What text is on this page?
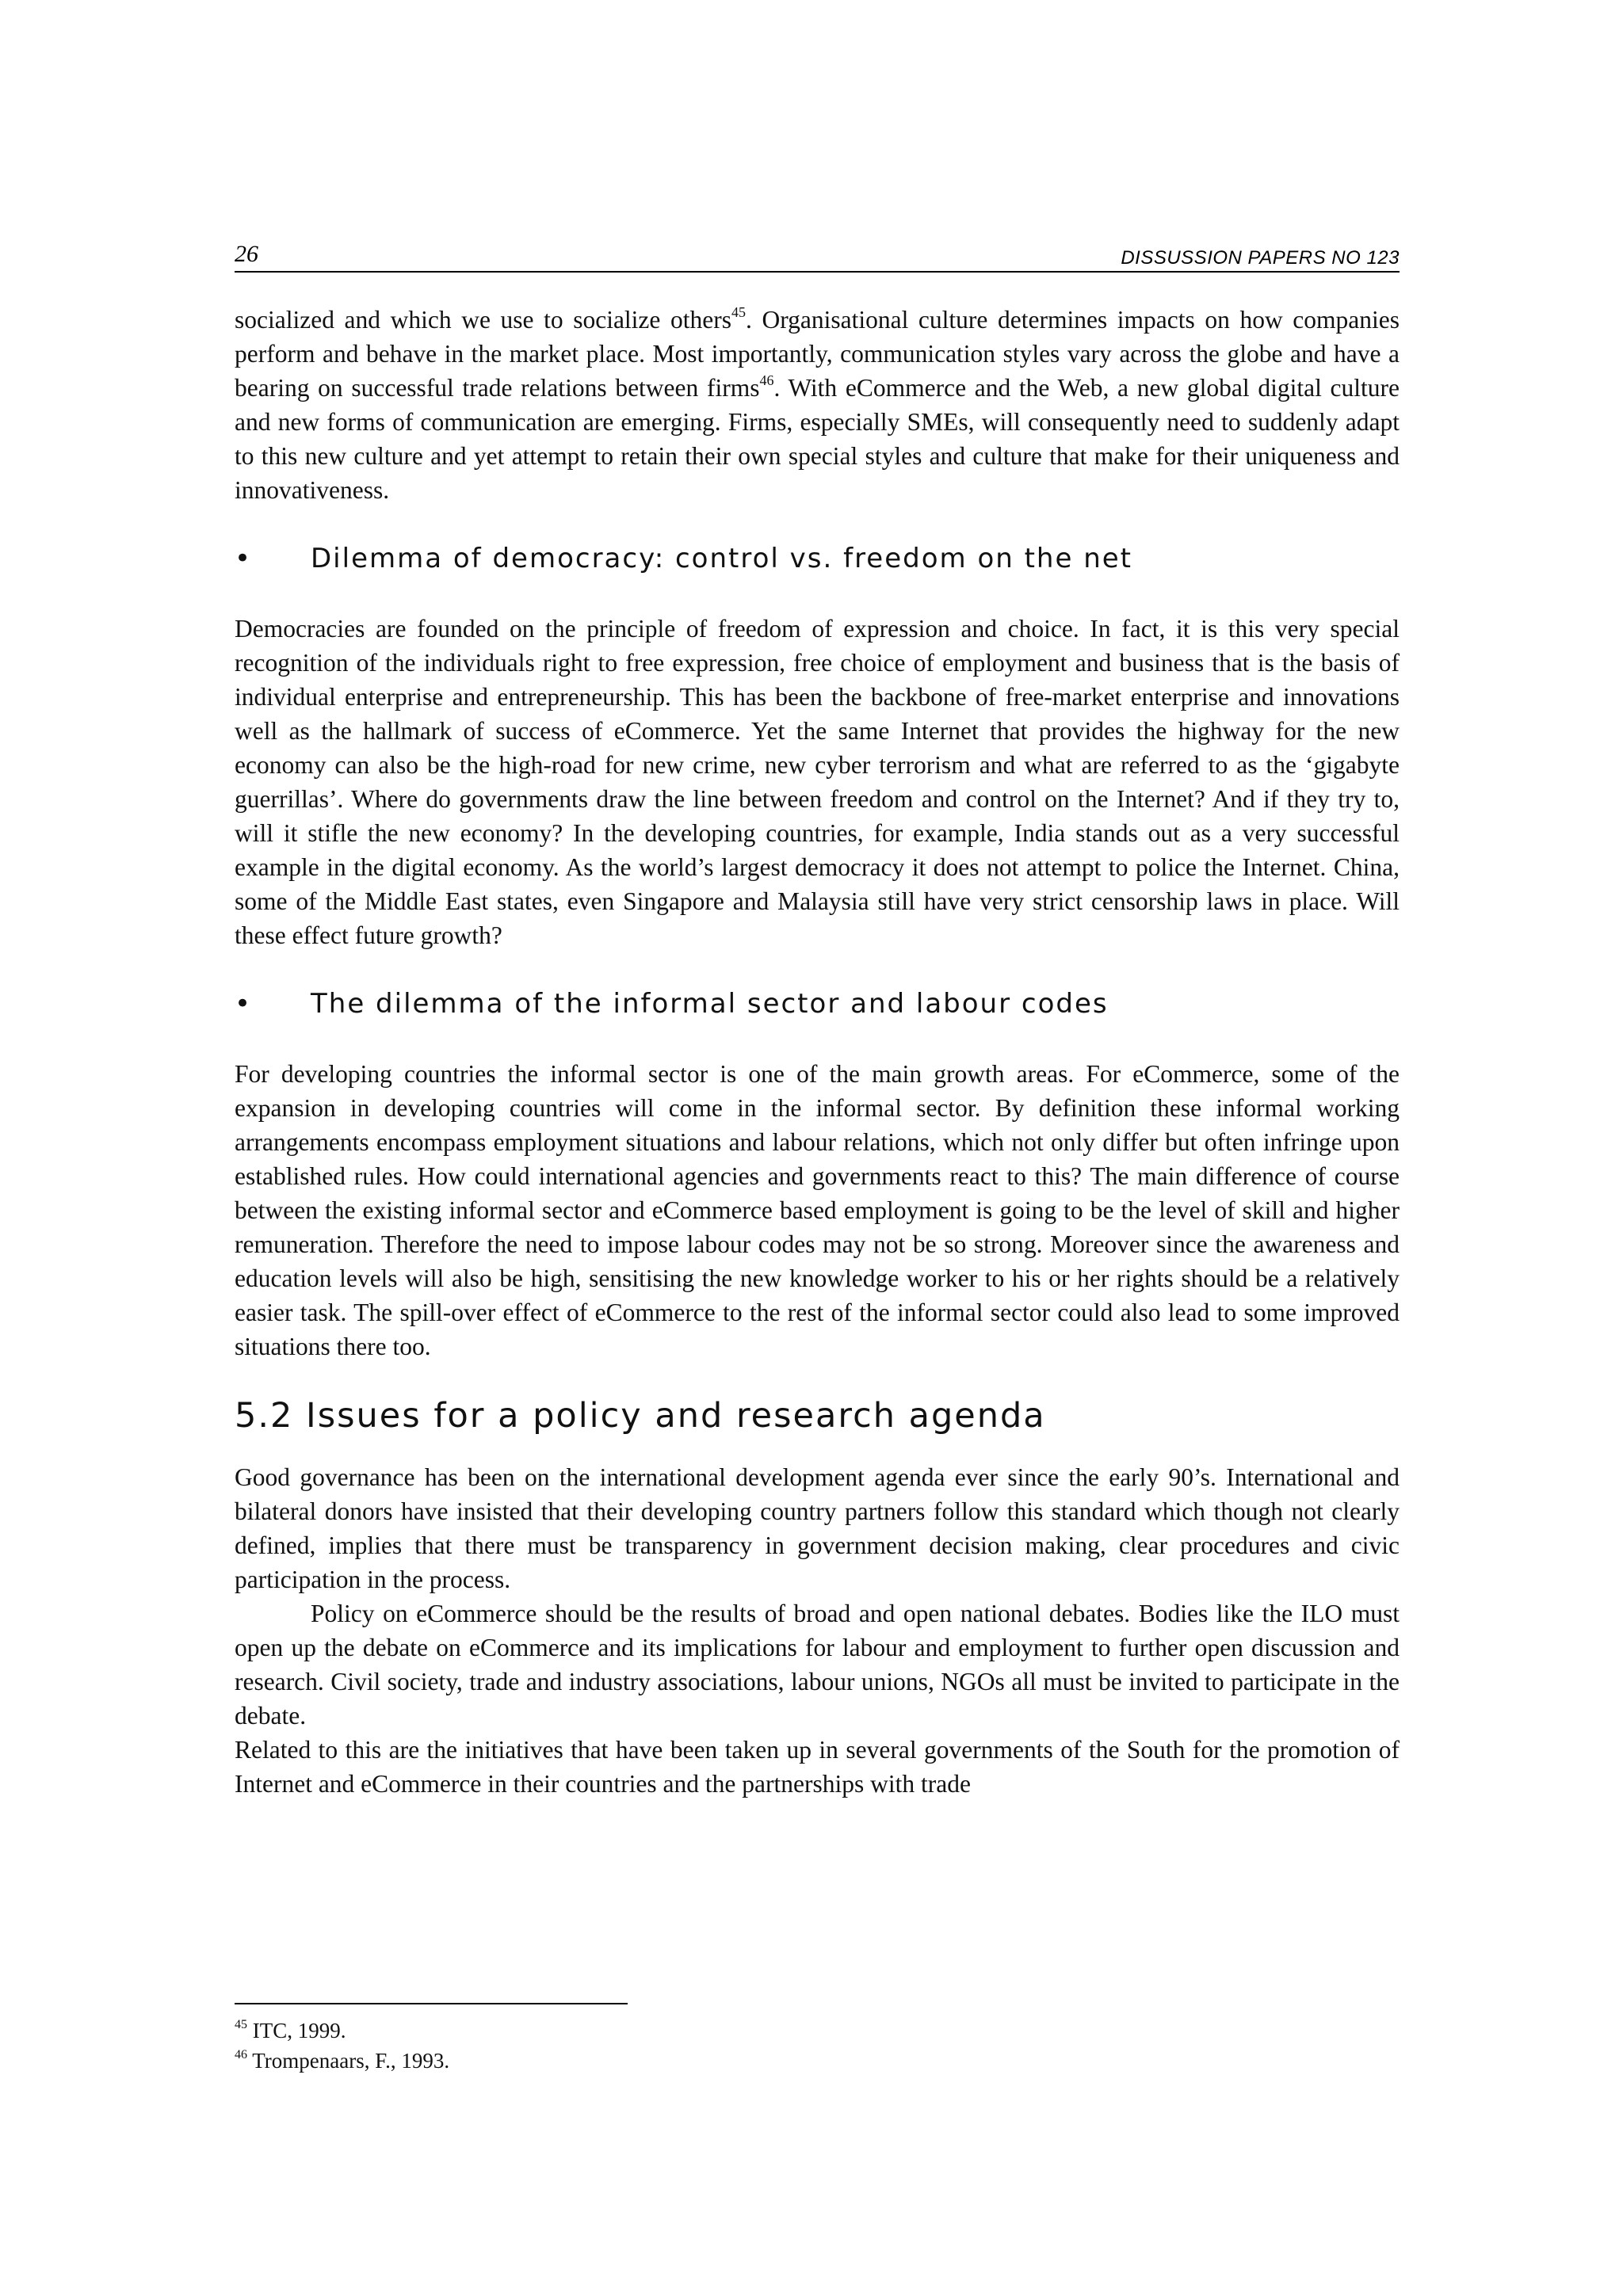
26	DISSUSSION PAPERS NO 123

socialized and which we use to socialize others$^{45}$. Organisational culture determines impacts on how companies perform and behave in the market place. Most importantly, communication styles vary across the globe and have a bearing on successful trade relations between firms$^{46}$. With eCommerce and the Web, a new global digital culture and new forms of communication are emerging. Firms, especially SMEs, will consequently need to suddenly adapt to this new culture and yet attempt to retain their own special styles and culture that make for their uniqueness and innovativeness.

• Dilemma of democracy: control vs. freedom on the net

Democracies are founded on the principle of freedom of expression and choice. In fact, it is this very special recognition of the individuals right to free expression, free choice of employment and business that is the basis of individual enterprise and entrepreneurship. This has been the backbone of free-market enterprise and innovations well as the hallmark of success of eCommerce. Yet the same Internet that provides the highway for the new economy can also be the high-road for new crime, new cyber terrorism and what are referred to as the ‘gigabyte guerrillas’. Where do governments draw the line between freedom and control on the Internet? And if they try to, will it stifle the new economy? In the developing countries, for example, India stands out as a very successful example in the digital economy. As the world’s largest democracy it does not attempt to police the Internet. China, some of the Middle East states, even Singapore and Malaysia still have very strict censorship laws in place. Will these effect future growth?

• The dilemma of the informal sector and labour codes

For developing countries the informal sector is one of the main growth areas. For eCommerce, some of the expansion in developing countries will come in the informal sector. By definition these informal working arrangements encompass employment situations and labour relations, which not only differ but often infringe upon established rules. How could international agencies and governments react to this? The main difference of course between the existing informal sector and eCommerce based employment is going to be the level of skill and higher remuneration. Therefore the need to impose labour codes may not be so strong. Moreover since the awareness and education levels will also be high, sensitising the new knowledge worker to his or her rights should be a relatively easier task. The spill-over effect of eCommerce to the rest of the informal sector could also lead to some improved situations there too.

5.2 Issues for a policy and research agenda

Good governance has been on the international development agenda ever since the early 90’s. International and bilateral donors have insisted that their developing country partners follow this standard which though not clearly defined, implies that there must be transparency in government decision making, clear procedures and civic participation in the process.

Policy on eCommerce should be the results of broad and open national debates. Bodies like the ILO must open up the debate on eCommerce and its implications for labour and employment to further open discussion and research. Civil society, trade and industry associations, labour unions, NGOs all must be invited to participate in the debate.

Related to this are the initiatives that have been taken up in several governments of the South for the promotion of Internet and eCommerce in their countries and the partnerships with trade

$^{45}$ ITC, 1999.
$^{46}$ Trompenaars, F., 1993.
